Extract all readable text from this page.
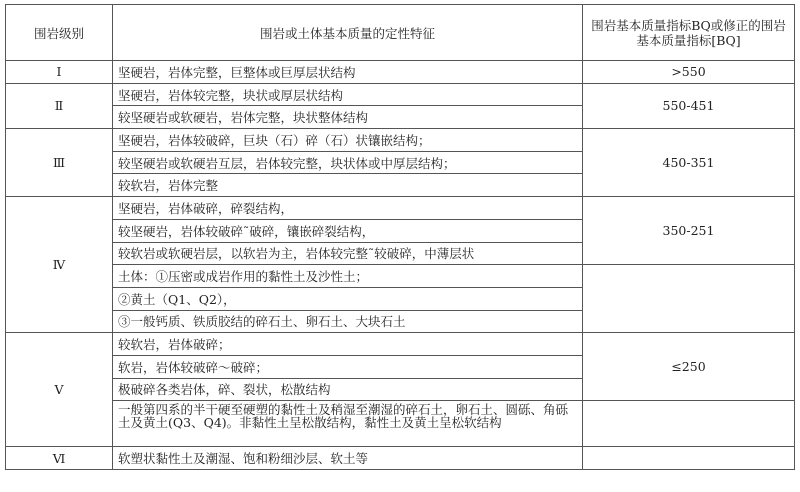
围岩级别	围岩或土体基本质量的定性特征	围岩基本质量指标BQ或修正的围岩基本质量指标[BQ]
Ⅰ	坚硬岩，岩体完整，巨整体或巨厚层状结构	>550
Ⅱ	坚硬岩，岩体较完整，块状或厚层状结构	550-451
	较坚硬岩或软硬岩，岩体完整，块状整体结构	
Ⅲ	坚硬岩，岩体较破碎，巨块（石）碎（石）状镶嵌结构；	450-351
	较坚硬岩或软硬岩互层，岩体较完整，块状体或中厚层结构；	
	较软岩，岩体完整	
Ⅳ	坚硬岩，岩体破碎，碎裂结构，	350-251
	较坚硬岩，岩体较破碎˜破碎，镶嵌碎裂结构，	
	较软岩或软硬岩层，以软岩为主，岩体较完整˜较破碎，中薄层状	
	土体：①压密或成岩作用的黏性土及沙性土；	
	②黄土（Q1、Q2），	
	③一般钙质、铁质胶结的碎石土、卵石土、大块石土	
Ⅴ	较软岩，岩体破碎；	≤250
	软岩，岩体较破碎～破碎；	
	极破碎各类岩体，碎、裂状，松散结构	
	一般第四系的半干硬至硬塑的黏性土及稍湿至潮湿的碎石土，卵石土、圆砾、角砾土及黄土(Q3、Q4)。非黏性土呈松散结构，黏性土及黄土呈松软结构	
Ⅵ	软塑状黏性土及潮湿、饱和粉细沙层、软土等	
